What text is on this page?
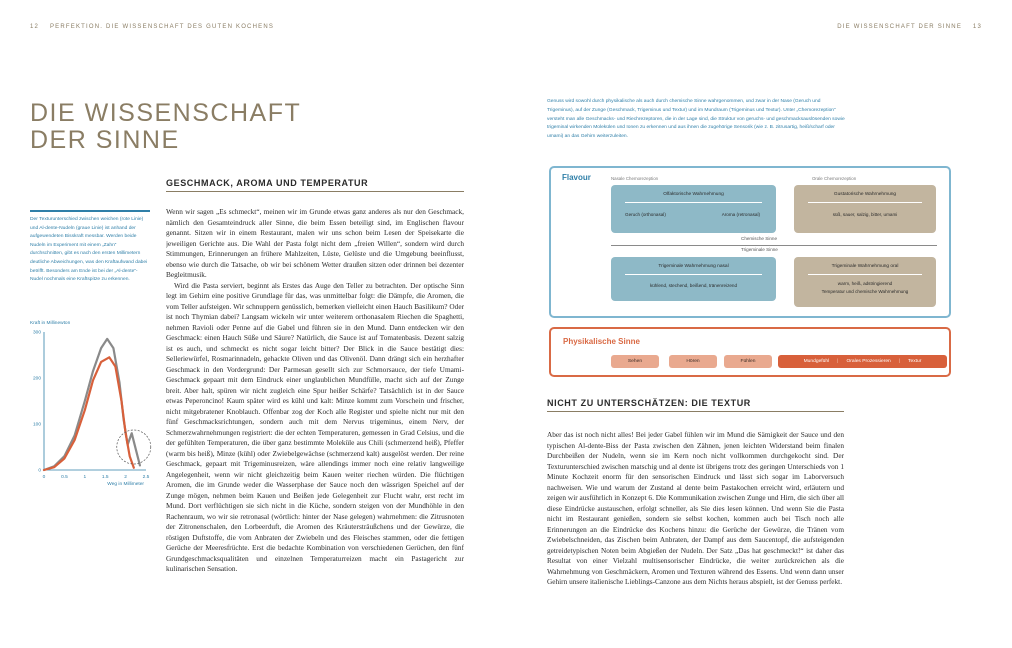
12 PERFEKTION. DIE WISSENSCHAFT DES GUTEN KOCHENS
DIE WISSENSCHAFT
DER SINNE
Der Texturunterschied zwischen weichen (rote Linie) und Al-dente-Nudeln (graue Linie) ist anhand der aufgewendeten Bisskraft messbar. Werden beide Nudeln im Experiment mit einem „Zahn“ durchschnitten, gibt es nach den ersten Millimetern deutliche Abweichungen, was den Kraftaufwand dabei betrifft. Besonders am Ende ist bei der „Al-dente“-Nudel nochmals eine Kraftspitze zu erkennen.
Kraft in Millinewton
0
100
200
300
0	0.5	1	1.5	2	2.5
Weg in Millimeter
GESCHMACK, AROMA UND TEMPERATUR

Wenn wir sagen „Es schmeckt“, meinen wir im Grunde etwas ganz anderes als nur den Geschmack, nämlich den Gesamteindruck aller Sinne, die beim Essen beteiligt sind, im Englischen flavour genannt. Sitzen wir in einem Restaurant, malen wir uns schon beim Lesen der Speisekarte die jeweiligen Gerichte aus. Die Wahl der Pasta folgt nicht dem „freien Willen“, sondern wird durch Stimmungen, Erinnerungen an frühere Mahlzeiten, Lüste, Gelüste und die Umgebung beeinflusst, ebenso wie durch die Tatsache, ob wir bei schönem Wetter draußen sitzen oder drinnen bei dezenter Begleitmusik.

Wird die Pasta serviert, beginnt als Erstes das Auge den Teller zu betrachten. Der optische Sinn legt im Gehirn eine positive Grundlage für das, was unmittelbar folgt: die Dämpfe, die Aromen, die vom Teller aufsteigen. Wir schnuppern genüsslich, bemerken vielleicht einen Hauch Basilikum? Oder ist noch Thymian dabei? Langsam wickeln wir unter weiterem orthonasalem Riechen die Spaghetti, nehmen Ravioli oder Penne auf die Gabel und führen sie in den Mund. Dann entdecken wir den Geschmack: einen Hauch Süße und Säure? Natürlich, die Sauce ist auf Tomatenbasis. Dezent salzig ist es auch, und schmeckt es nicht sogar leicht bitter? Der Blick in die Sauce bestätigt dies: Selleriewürfel, Rosmarinnadeln, gehackte Oliven und das Olivenöl. Dann drängt sich ein herzhafter Geschmack in den Vordergrund: Der Parmesan gesellt sich zur Schmorsauce, der tiefe Umami-Geschmack gepaart mit dem Eindruck einer unglaublichen Mundfülle, macht sich auf der Zunge breit. Aber halt, spüren wir nicht zugleich eine Spur heißer Schärfe? Tatsächlich ist in der Sauce etwas Peperoncino! Kaum später wird es kühl und kalt: Minze kommt zum Vorschein und frischer, nicht mitgebratener Knoblauch. Offenbar zog der Koch alle Register und spielte nicht nur mit den fünf Geschmacksrichtungen, sondern auch mit dem Nervus trigeminus, einem Nerv, der Schmerzwahrnehmungen registriert: die der echten Temperaturen, gemessen in Grad Celsius, und die der gefühlten Temperaturen, die über ganz bestimmte Moleküle aus Chili (schmerzend heiß), Pfeffer (warm bis heiß), Minze (kühl) oder Zwiebelgewächse (schmerzend kalt) ausgelöst werden. Der reine Geschmack, gepaart mit Trigeminusreizen, wäre allendings immer noch eine relativ langweilige Angelegenheit, wenn wir nicht gleichzeitig beim Kauen weiter riechen würden. Die flüchtigen Aromen, die im Grunde weder die Wasserphase der Sauce noch den wässrigen Speichel auf der Zunge mögen, nehmen beim Kauen und Beißen jede Gelegenheit zur Flucht wahr, erst recht im Mund. Dort verflüchtigen sie sich nicht in die Küche, sondern steigen von der Mundhöhle in den Rachenraum, wo wir sie retronasal (wörtlich: hinter der Nase gelegen) wahrnehmen: die Zitrusnoten der Zitronenschalen, den Lorbeerduft, die Aromen des Kräutersträußchens und der Gewürze, die röstigen Duftstoffe, die vom Anbraten der Zwiebeln und des Fleisches stammen, oder die fettigen Gerüche der Meeresfrüchte. Erst die bedachte Kombination von verschiedenen Gerüchen, den fünf Grundgeschmacksqualitäten und einzelnen Temperaturreizen macht ein Pastagericht zur kulinarischen Sensation.

DIE WISSENSCHAFT DER SINNE 13
Genuss wird sowohl durch physikalische als auch durch chemische Sinne wahrgenommen, und zwar in der Nase (Geruch und Trigeminus), auf der Zunge (Geschmack, Trigeminus und Textur) und im Mundraum (Trigeminus und Textur). Unter „Chemorezeption“ versteht man alle Geschmacks- und Riechrezeptoren, die in der Lage sind, die Struktur von geruchs- und geschmacksauslösenden sowie trigeminal wirkenden Molekülen und Ionen zu erkennen und aus ihnen die zugehörige Sensorik (wie z. B. zitrusartig, heiß/scharf oder umami) an das Gehirn weiterzuleiten.
Flavour	Nasale Chemorezeption	Orale Chemorezeption
Olfaktorische Wahrnehmung
Geruch (orthonasal)	Aroma (retronasal)
Gustatorische Wahrnehmung
süß, sauer, salzig, bitter, umami
Chemische Sinne
Trigeminale Sinne
Trigeminale Wahrnehmung nasal
kühlend, stechend, beißend, tränenreizend
Trigeminale Wahrnehmung oral
warm, heiß, adstringierend
Temperatur und chemische Wahrnehmung
Physikalische Sinne
Sehen	Hören	Fühlen	Mundgefühl | Orales Prozessieren | Textur
NICHT ZU UNTERSCHÄTZEN: DIE TEXTUR
Aber das ist noch nicht alles! Bei jeder Gabel fühlen wir im Mund die Sämigkeit der Sauce und den typischen Al-dente-Biss der Pasta zwischen den Zähnen, jenen leichten Widerstand beim finalen Durchbeißen der Nudeln, wenn sie im Kern noch nicht vollkommen durchgekocht sind. Der Texturunterschied zwischen matschig und al dente ist übrigens trotz des geringen Unterschieds von 1 Minute Kochzeit enorm für den sensorischen Eindruck und lässt sich sogar im Laborversuch nachweisen. Wie und warum der Zustand al dente beim Pastakochen erreicht wird, erläutern und zeigen wir ausführlich in Konzept 6. Die Kommunikation zwischen Zunge und Hirn, die sich über all diese Eindrücke austauschen, erfolgt schneller, als Sie dies lesen können. Und wenn Sie die Pasta nicht im Restaurant genießen, sondern sie selbst kochen, kommen auch bei Tisch noch alle Erinnerungen an die Eindrücke des Kochens hinzu: die Gerüche der Gewürze, die Tränen vom Zwiebelschneiden, das Zischen beim Anbraten, der Dampf aus dem Saucentopf, die aufsteigenden getreidetypischen Noten beim Abgießen der Nudeln. Der Satz „Das hat geschmeckt!“ ist daher das Resultat von einer Vielzahl multisensorischer Eindrücke, die weiter zurückreichen als die Wahrnehmung von Geschmäckern, Aromen und Texturen während des Essens. Und wenn dann unser Gehirn unsere italienische Lieblings-Canzone aus dem Nichts heraus abspielt, ist der Genuss perfekt.
